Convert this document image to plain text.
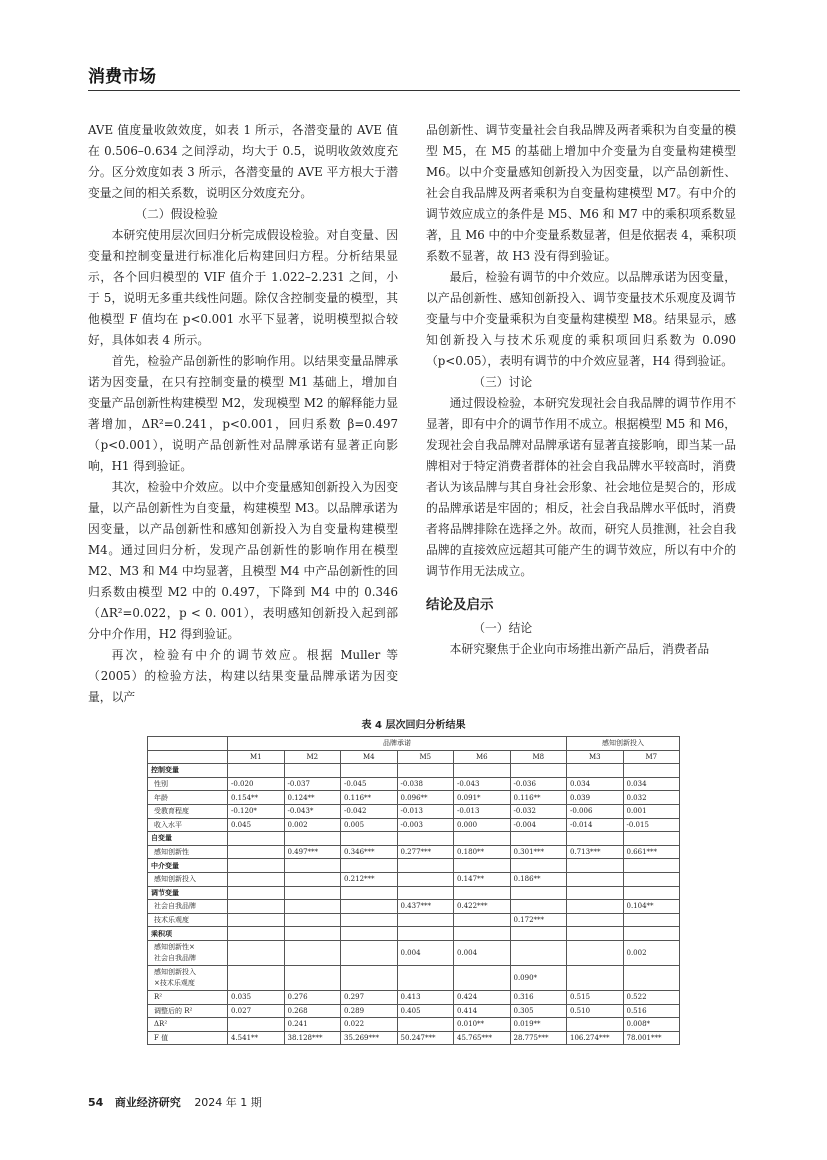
消费市场

AVE 值度量收敛效度，如表 1 所示，各潜变量的 AVE 值在 0.506–0.634 之间浮动，均大于 0.5，说明收敛效度充分。区分效度如表 3 所示，各潜变量的 AVE 平方根大于潜变量之间的相关系数，说明区分效度充分。

（二）假设检验

本研究使用层次回归分析完成假设检验。对自变量、因变量和控制变量进行标准化后构建回归方程。分析结果显示，各个回归模型的 VIF 值介于 1.022–2.231 之间，小于 5，说明无多重共线性问题。除仅含控制变量的模型，其他模型 F 值均在 p<0.001 水平下显著，说明模型拟合较好，具体如表 4 所示。

首先，检验产品创新性的影响作用。以结果变量品牌承诺为因变量，在只有控制变量的模型 M1 基础上，增加自变量产品创新性构建模型 M2，发现模型 M2 的解释能力显著增加，ΔR²=0.241，p<0.001，回归系数 β=0.497（p<0.001），说明产品创新性对品牌承诺有显著正向影响，H1 得到验证。

其次，检验中介效应。以中介变量感知创新投入为因变量，以产品创新性为自变量，构建模型 M3。以品牌承诺为因变量，以产品创新性和感知创新投入为自变量构建模型 M4。通过回归分析，发现产品创新性的影响作用在模型 M2、M3 和 M4 中均显著，且模型 M4 中产品创新性的回归系数由模型 M2 中的 0.497，下降到 M4 中的 0.346（ΔR²=0.022，p < 0. 001），表明感知创新投入起到部分中介作用，H2 得到验证。

再次，检验有中介的调节效应。根据 Muller 等（2005）的检验方法，构建以结果变量品牌承诺为因变量，以产

品创新性、调节变量社会自我品牌及两者乘积为自变量的模型 M5，在 M5 的基础上增加中介变量为自变量构建模型 M6。以中介变量感知创新投入为因变量，以产品创新性、社会自我品牌及两者乘积为自变量构建模型 M7。有中介的调节效应成立的条件是 M5、M6 和 M7 中的乘积项系数显著，且 M6 中的中介变量系数显著，但是依据表 4，乘积项系数不显著，故 H3 没有得到验证。

最后，检验有调节的中介效应。以品牌承诺为因变量，以产品创新性、感知创新投入、调节变量技术乐观度及调节变量与中介变量乘积为自变量构建模型 M8。结果显示，感知创新投入与技术乐观度的乘积项回归系数为 0.090（p<0.05），表明有调节的中介效应显著，H4 得到验证。

（三）讨论

通过假设检验，本研究发现社会自我品牌的调节作用不显著，即有中介的调节作用不成立。根据模型 M5 和 M6，发现社会自我品牌对品牌承诺有显著直接影响，即当某一品牌相对于特定消费者群体的社会自我品牌水平较高时，消费者认为该品牌与其自身社会形象、社会地位是契合的，形成的品牌承诺是牢固的；相反，社会自我品牌水平低时，消费者将品牌排除在选择之外。故而，研究人员推测，社会自我品牌的直接效应远超其可能产生的调节效应，所以有中介的调节作用无法成立。

结论及启示

（一）结论

本研究聚焦于企业向市场推出新产品后，消费者品

表 4 层次回归分析结果
	品牌承诺						感知创新投入	
	M1	M2	M4	M5	M6	M8	M3	M7
控制变量								
性别	-0.020	-0.037	-0.045	-0.038	-0.043	-0.036	0.034	0.034
年龄	0.154**	0.124**	0.116**	0.096**	0.091*	0.116**	0.039	0.032
受教育程度	-0.120*	-0.043*	-0.042	-0.013	-0.013	-0.032	-0.006	0.001
收入水平	0.045	0.002	0.005	-0.003	0.000	-0.004	-0.014	-0.015
自变量								
感知创新性		0.497***	0.346***	0.277***	0.180**	0.301***	0.713***	0.661***
中介变量								
感知创新投入			0.212***		0.147**	0.186**		
调节变量								
社会自我品牌				0.437***	0.422***			0.104**
技术乐观度						0.172***		
乘积项								
感知创新性×
社会自我品牌				0.004	0.004			0.002
感知创新投入
×技术乐观度						0.090*		
R²	0.035	0.276	0.297	0.413	0.424	0.316	0.515	0.522
调整后的 R²	0.027	0.268	0.289	0.405	0.414	0.305	0.510	0.516
ΔR²		0.241	0.022		0.010**	0.019**		0.008*
F 值	4.541**	38.128***	35.269***	50.247***	45.765***	28.775***	106.274***	78.001***
54 商业经济研究 2024 年 1 期
